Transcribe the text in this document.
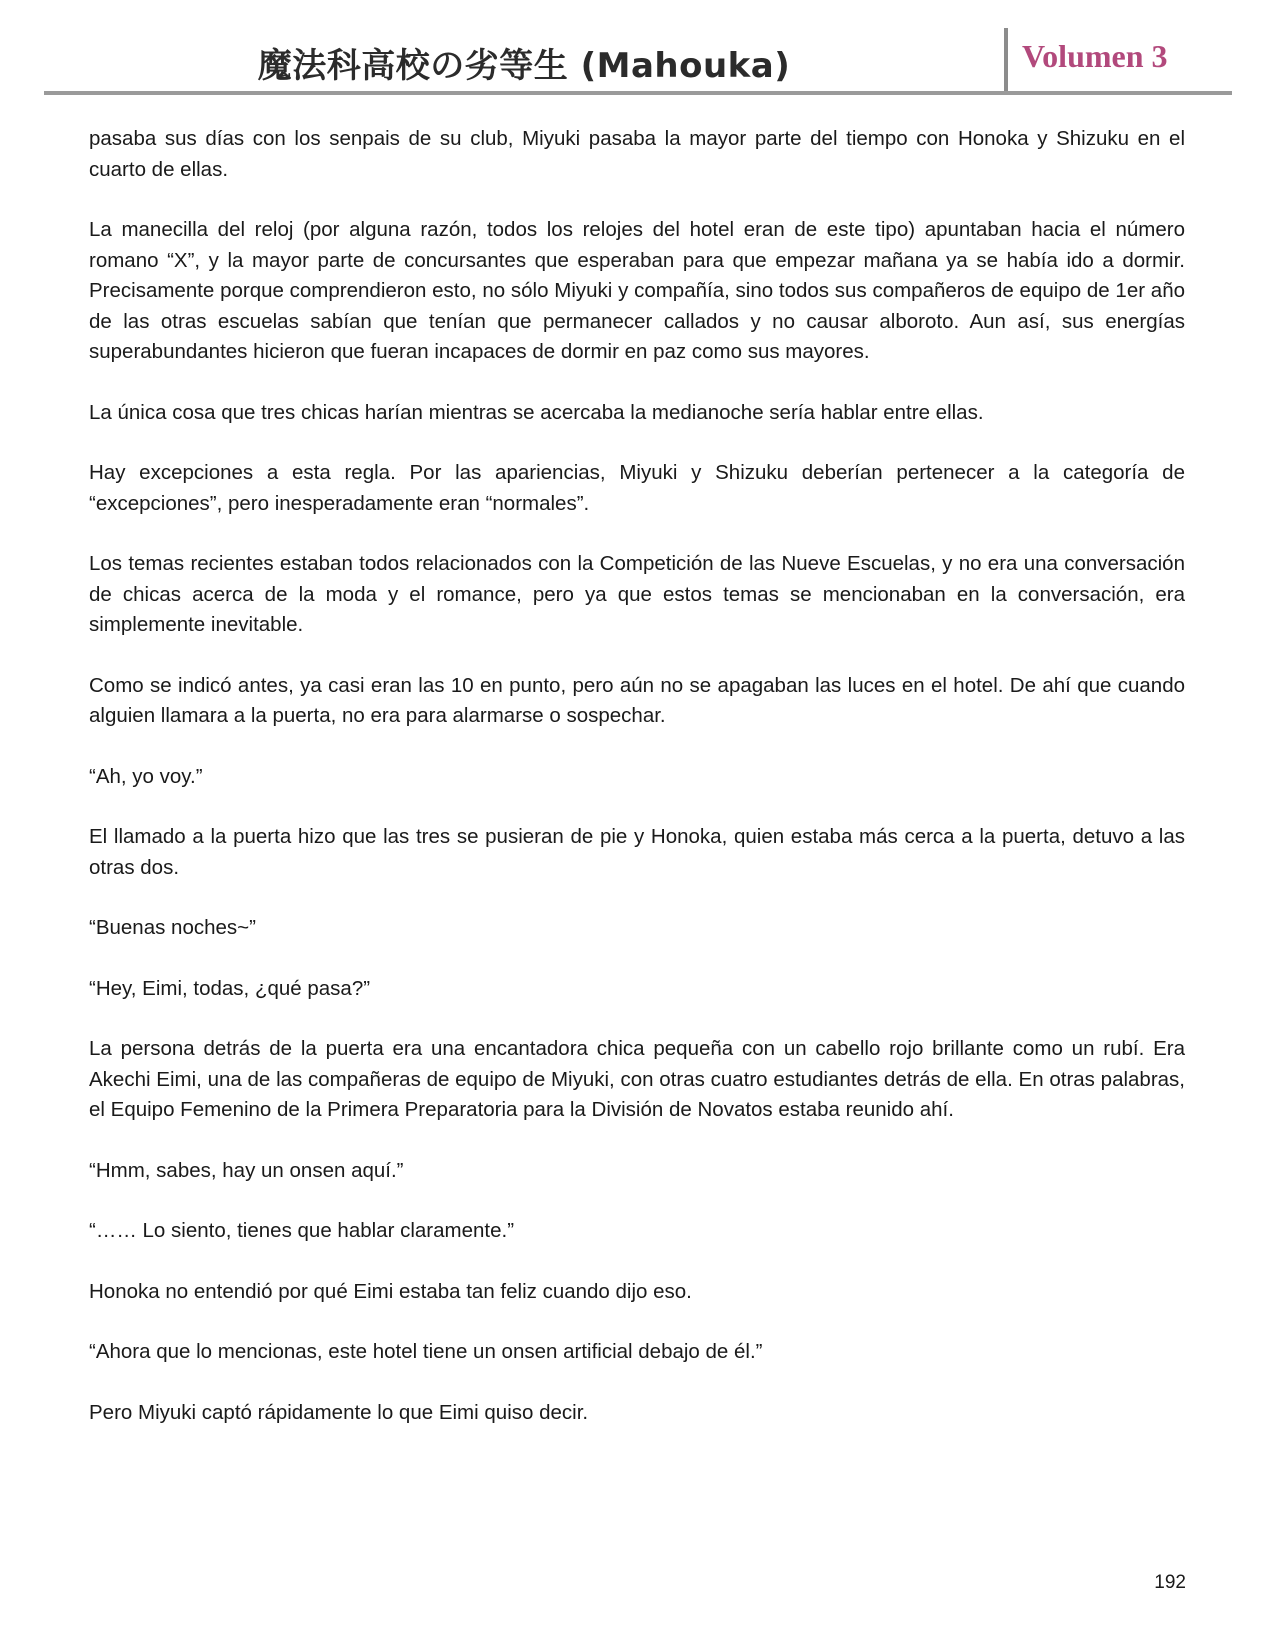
魔法科高校の劣等生 (Mahouka)	Volumen 3

pasaba sus días con los senpais de su club, Miyuki pasaba la mayor parte del tiempo con Honoka y Shizuku en el cuarto de ellas.

La manecilla del reloj (por alguna razón, todos los relojes del hotel eran de este tipo) apuntaban hacia el número romano “X”, y la mayor parte de concursantes que esperaban para que empezar mañana ya se había ido a dormir. Precisamente porque comprendieron esto, no sólo Miyuki y compañía, sino todos sus compañeros de equipo de 1er año de las otras escuelas sabían que tenían que permanecer callados y no causar alboroto. Aun así, sus energías superabundantes hicieron que fueran incapaces de dormir en paz como sus mayores.

La única cosa que tres chicas harían mientras se acercaba la medianoche sería hablar entre ellas.

Hay excepciones a esta regla. Por las apariencias, Miyuki y Shizuku deberían pertenecer a la categoría de “excepciones”, pero inesperadamente eran “normales”.

Los temas recientes estaban todos relacionados con la Competición de las Nueve Escuelas, y no era una conversación de chicas acerca de la moda y el romance, pero ya que estos temas se mencionaban en la conversación, era simplemente inevitable.

Como se indicó antes, ya casi eran las 10 en punto, pero aún no se apagaban las luces en el hotel. De ahí que cuando alguien llamara a la puerta, no era para alarmarse o sospechar.

“Ah, yo voy.”

El llamado a la puerta hizo que las tres se pusieran de pie y Honoka, quien estaba más cerca a la puerta, detuvo a las otras dos.

“Buenas noches~”

“Hey, Eimi, todas, ¿qué pasa?”

La persona detrás de la puerta era una encantadora chica pequeña con un cabello rojo brillante como un rubí. Era Akechi Eimi, una de las compañeras de equipo de Miyuki, con otras cuatro estudiantes detrás de ella. En otras palabras, el Equipo Femenino de la Primera Preparatoria para la División de Novatos estaba reunido ahí.

“Hmm, sabes, hay un onsen aquí.”

“…… Lo siento, tienes que hablar claramente.”

Honoka no entendió por qué Eimi estaba tan feliz cuando dijo eso.

“Ahora que lo mencionas, este hotel tiene un onsen artificial debajo de él.”

Pero Miyuki captó rápidamente lo que Eimi quiso decir.

192
